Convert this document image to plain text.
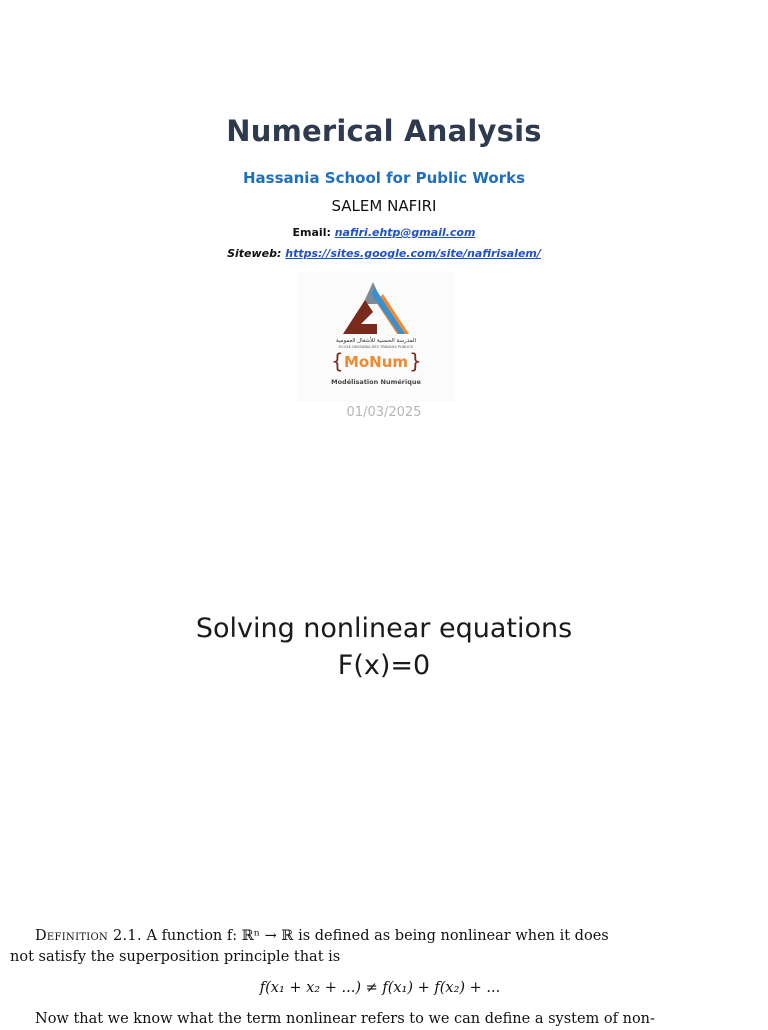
Numerical Analysis
Hassania School for Public Works
SALEM NAFIRI
Email: nafiri.ehtp@gmail.com
Siteweb: https://sites.google.com/site/nafirisalem/
المدرسة الحسنية للأشغال العمومية
ECOLE HASSANIA DES TRAVAUX PUBLICS
{ MoNum }
Modélisation Numérique
01/03/2025
Solving nonlinear equations
F(x)=0
Definition 2.1. A function f: ℝⁿ → ℝ is defined as being nonlinear when it does
not satisfy the superposition principle that is
f(x₁ + x₂ + ...) ≠ f(x₁) + f(x₂) + ...
Now that we know what the term nonlinear refers to we can define a system of non-
